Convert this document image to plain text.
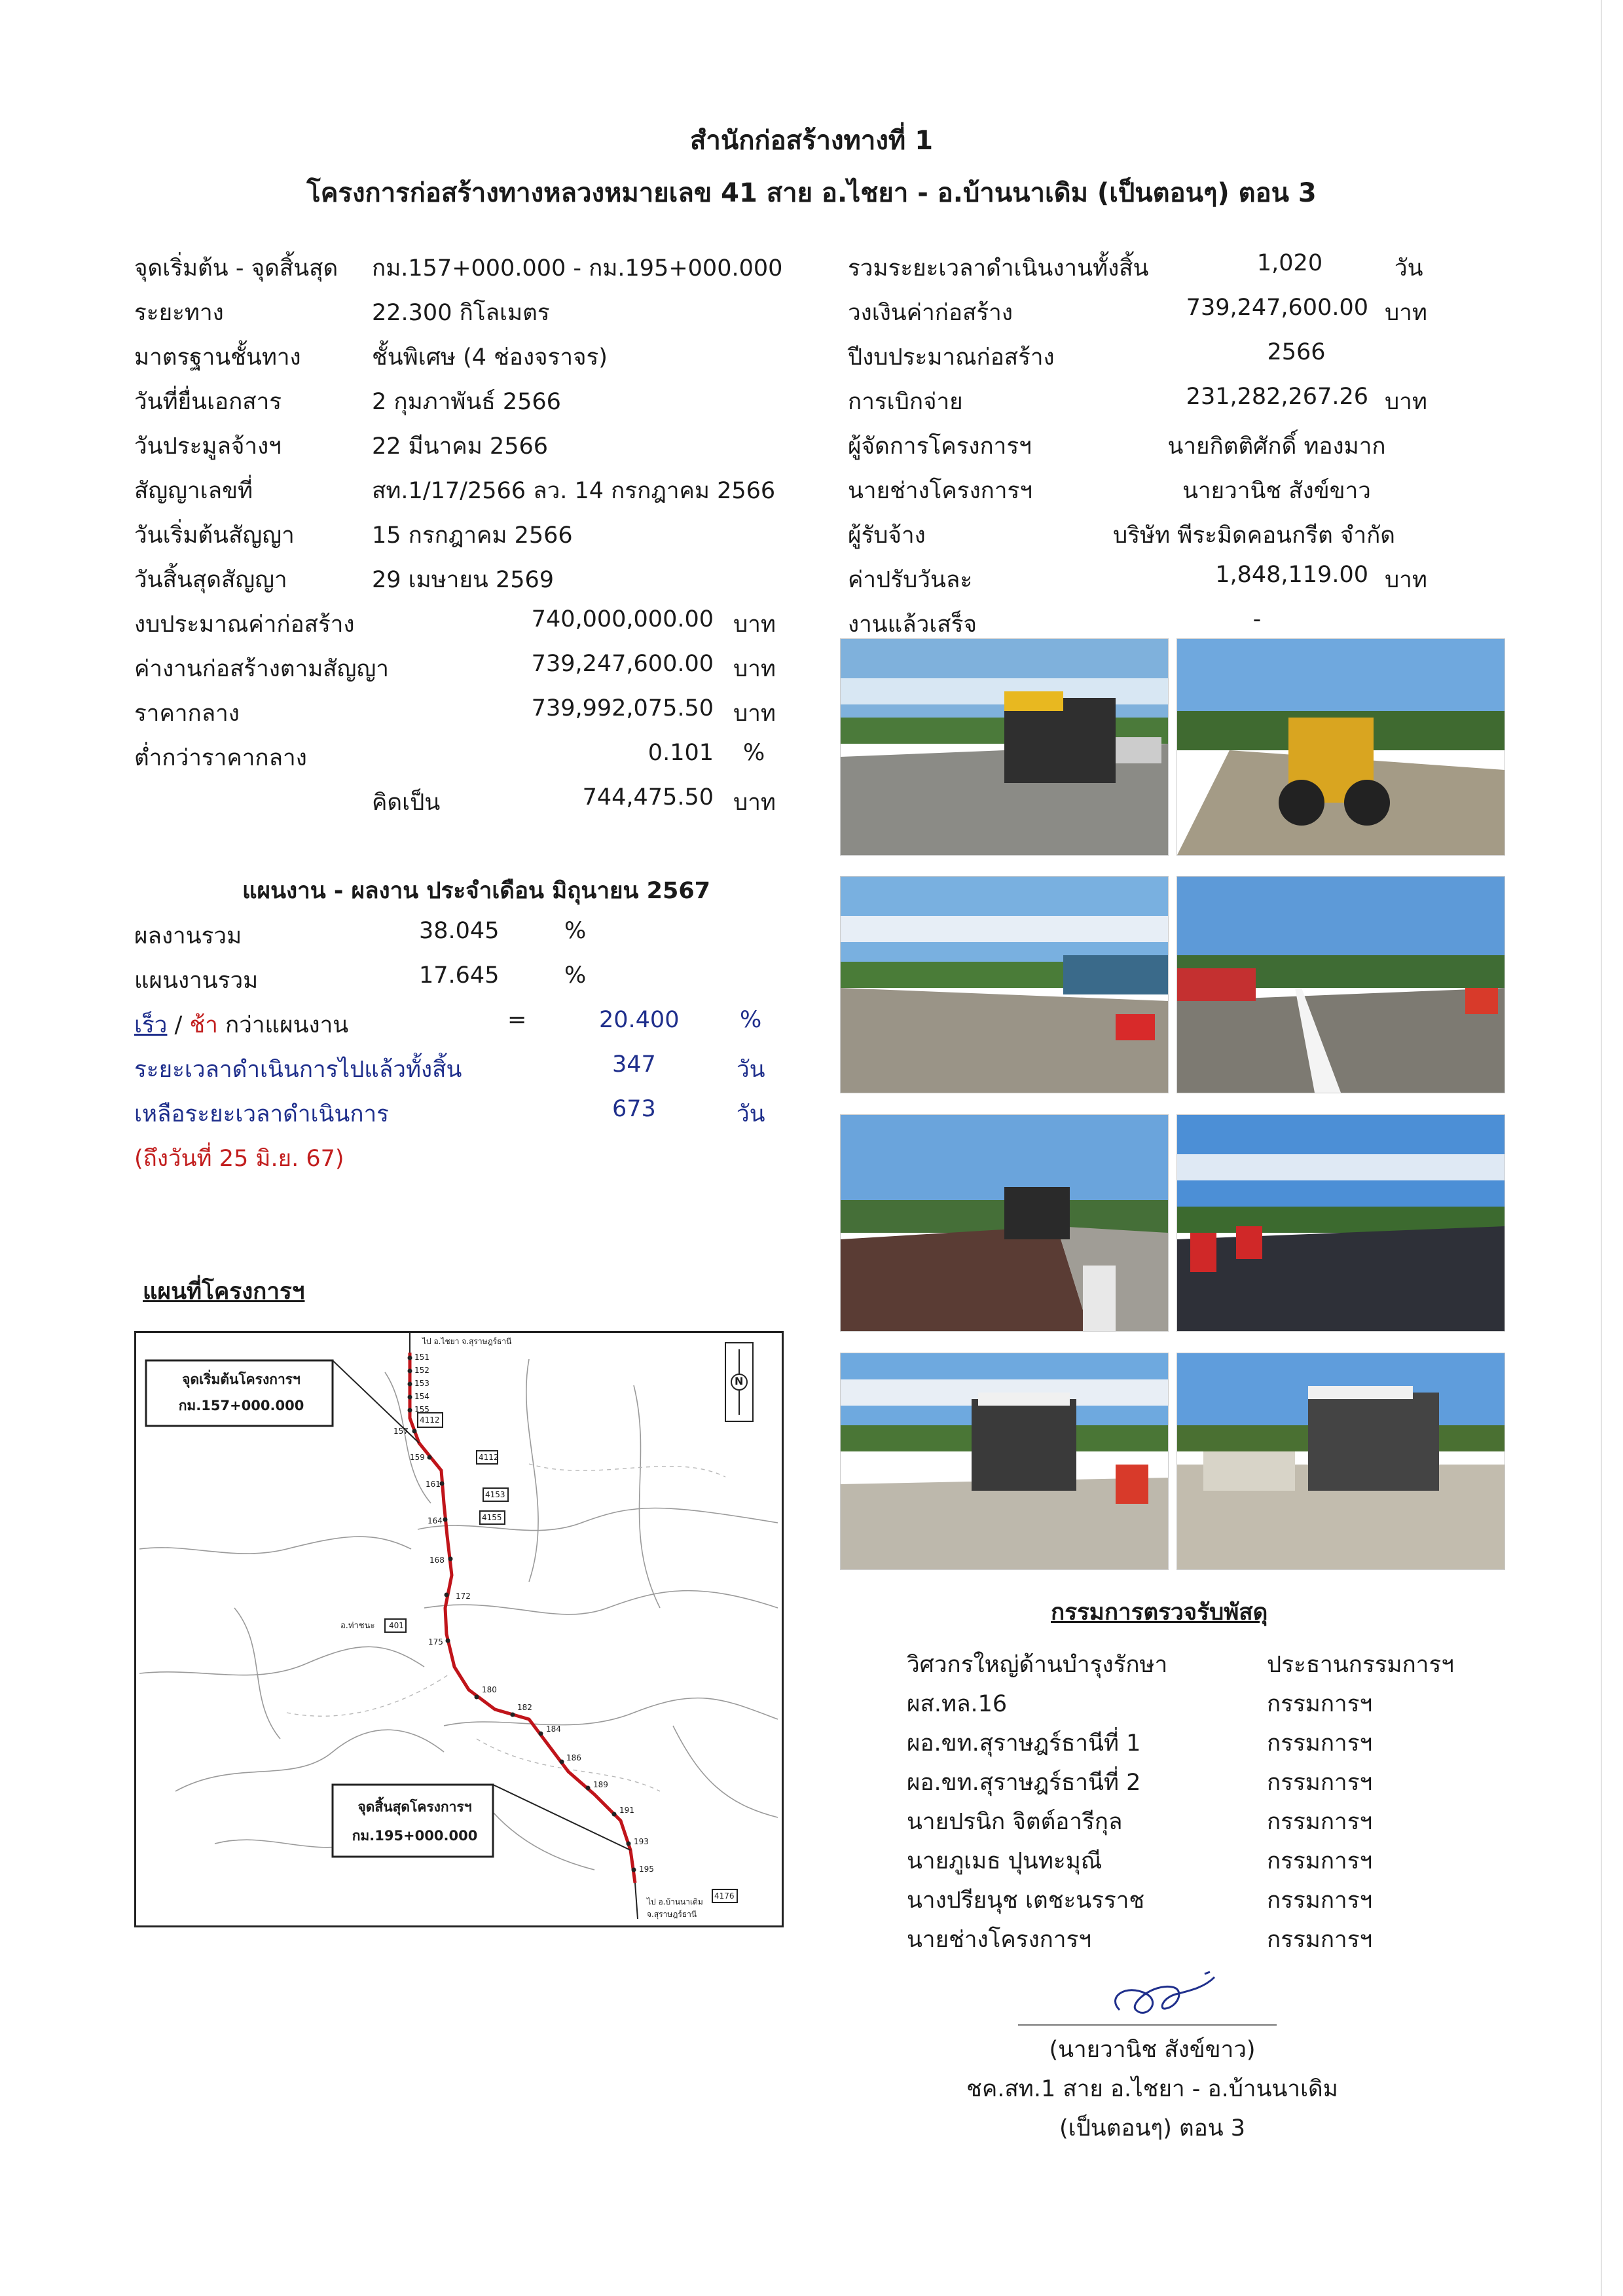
สำนักก่อสร้างทางที่ 1
โครงการก่อสร้างทางหลวงหมายเลข 41 สาย อ.ไชยา - อ.บ้านนาเดิม (เป็นตอนๆ) ตอน 3
จุดเริ่มต้น - จุดสิ้นสุด กม.157+000.000 - กม.195+000.000
ระยะทาง	22.300 กิโลเมตร
มาตรฐานชั้นทาง	ชั้นพิเศษ (4 ช่องจราจร)
วันที่ยื่นเอกสาร	2 กุมภาพันธ์ 2566
วันประมูลจ้างฯ	22 มีนาคม 2566
สัญญาเลขที่	สท.1/17/2566 ลว. 14 กรกฎาคม 2566
วันเริ่มต้นสัญญา	15 กรกฎาคม 2566
วันสิ้นสุดสัญญา	29 เมษายน 2569
งบประมาณค่าก่อสร้าง	740,000,000.00 บาท
ค่างานก่อสร้างตามสัญญา	739,247,600.00 บาท
ราคากลาง	739,992,075.50 บาท
ต่ำกว่าราคากลาง	0.101 %
คิดเป็น	744,475.50 บาท
รวมระยะเวลาดำเนินงานทั้งสิ้น	1,020	วัน
วงเงินค่าก่อสร้าง	739,247,600.00 บาท
ปีงบประมาณก่อสร้าง	2566
การเบิกจ่าย	231,282,267.26 บาท
ผู้จัดการโครงการฯ	นายกิตติศักดิ์ ทองมาก
นายช่างโครงการฯ	นายวานิช สังข์ขาว
ผู้รับจ้าง	บริษัท พีระมิดคอนกรีต จำกัด
ค่าปรับวันละ	1,848,119.00 บาท
งานแล้วเสร็จ	-
แผนงาน - ผลงาน ประจำเดือน มิถุนายน 2567
ผลงานรวม	38.045	%
แผนงานรวม	17.645	%
เร็ว / ช้า กว่าแผนงาน	=	20.400	%
ระยะเวลาดำเนินการไปแล้วทั้งสิ้น	347	วัน
เหลือระยะเวลาดำเนินการ	673	วัน
(ถึงวันที่ 25 มิ.ย. 67)
แผนที่โครงการฯ
จุดเริ่มต้นโครงการฯ
กม.157+000.000
จุดสิ้นสุดโครงการฯ
กม.195+000.000
ไป อ.ไชยา จ.สุราษฎร์ธานี
ไป อ.บ้านนาเดิม จ.สุราษฎร์ธานี
อ.ท่าชนะ
N
4112
4112
4153
4155
401
4176
151
152
153
154
155
157
159
161
164
168
172
175
180
182
184
186
189
191
193
195
กรรมการตรวจรับพัสดุ
วิศวกรใหญ่ด้านบำรุงรักษา	ประธานกรรมการฯ
ผส.ทล.16	กรรมการฯ
ผอ.ขท.สุราษฎร์ธานีที่ 1	กรรมการฯ
ผอ.ขท.สุราษฎร์ธานีที่ 2	กรรมการฯ
นายปรนิก จิตต์อารีกุล	กรรมการฯ
นายภูเมธ ปุนทะมุณี	กรรมการฯ
นางปรียนุช เตชะนรราช	กรรมการฯ
นายช่างโครงการฯ	กรรมการฯ
(นายวานิช สังข์ขาว)
ชค.สท.1 สาย อ.ไชยา - อ.บ้านนาเดิม
(เป็นตอนๆ) ตอน 3
